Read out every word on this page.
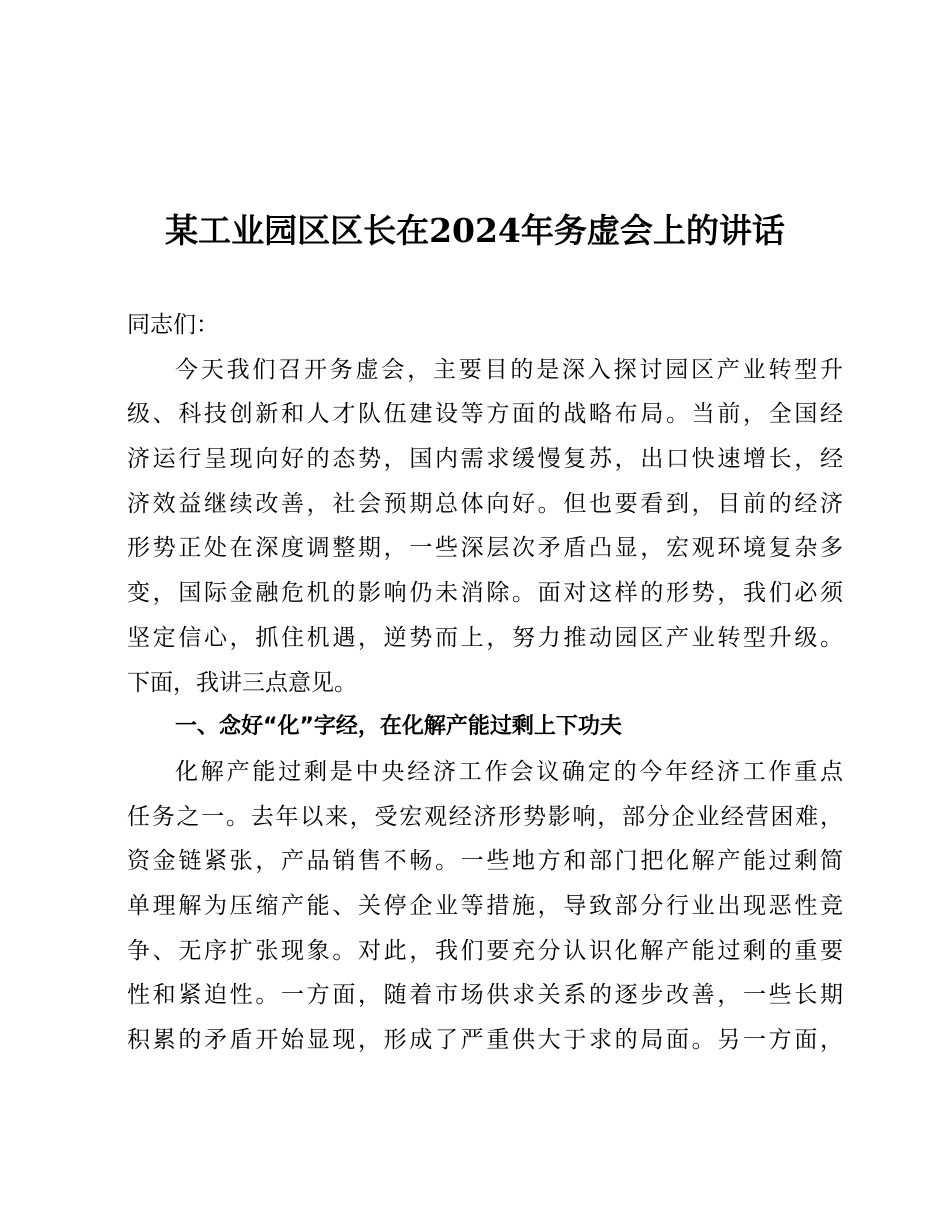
某工业园区区长在2024年务虚会上的讲话
同志们：
今天我们召开务虚会，主要目的是深入探讨园区产业转型升
级、科技创新和人才队伍建设等方面的战略布局。当前，全国经
济运行呈现向好的态势，国内需求缓慢复苏，出口快速增长，经
济效益继续改善，社会预期总体向好。但也要看到，目前的经济
形势正处在深度调整期，一些深层次矛盾凸显，宏观环境复杂多
变，国际金融危机的影响仍未消除。面对这样的形势，我们必须
坚定信心，抓住机遇，逆势而上，努力推动园区产业转型升级。
下面，我讲三点意见。
一、念好“化”字经，在化解产能过剩上下功夫
化解产能过剩是中央经济工作会议确定的今年经济工作重点
任务之一。去年以来，受宏观经济形势影响，部分企业经营困难，
资金链紧张，产品销售不畅。一些地方和部门把化解产能过剩简
单理解为压缩产能、关停企业等措施，导致部分行业出现恶性竞
争、无序扩张现象。对此，我们要充分认识化解产能过剩的重要
性和紧迫性。一方面，随着市场供求关系的逐步改善，一些长期
积累的矛盾开始显现，形成了严重供大于求的局面。另一方面，
